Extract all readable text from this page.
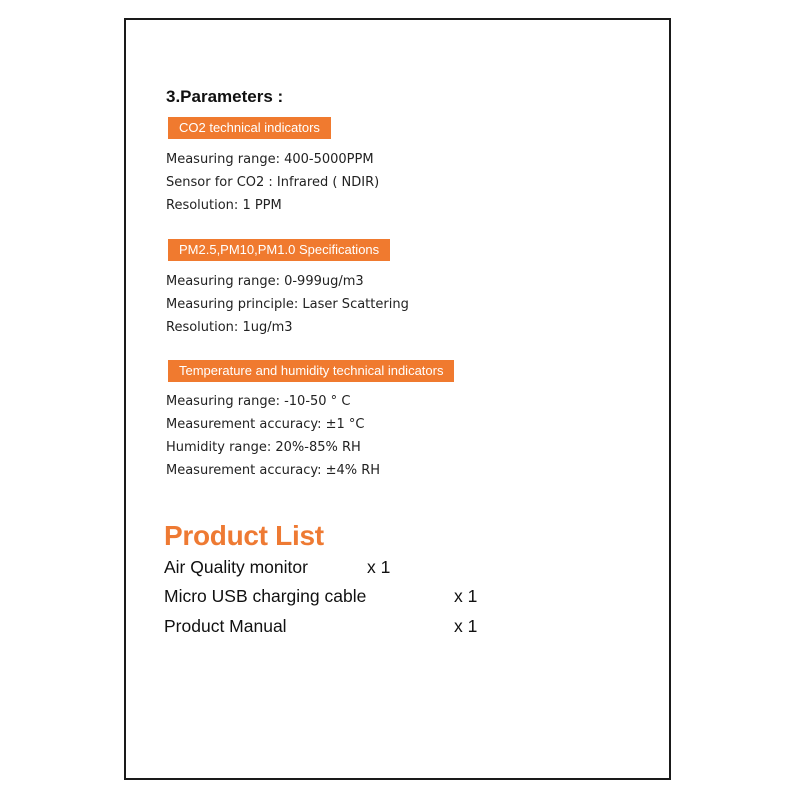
3.Parameters :
CO2 technical indicators
Measuring range: 400-5000PPM
Sensor for CO2 : Infrared ( NDIR)
Resolution: 1 PPM
PM2.5,PM10,PM1.0 Specifications
Measuring range: 0-999ug/m3
Measuring principle: Laser Scattering
Resolution: 1ug/m3
Temperature and humidity technical indicators
Measuring range: -10-50 ° C
Measurement accuracy: ±1 °C
Humidity range: 20%-85% RH
Measurement accuracy: ±4% RH
Product List
Air Quality monitor	x 1
Micro USB charging cable	x 1
Product Manual	x 1
